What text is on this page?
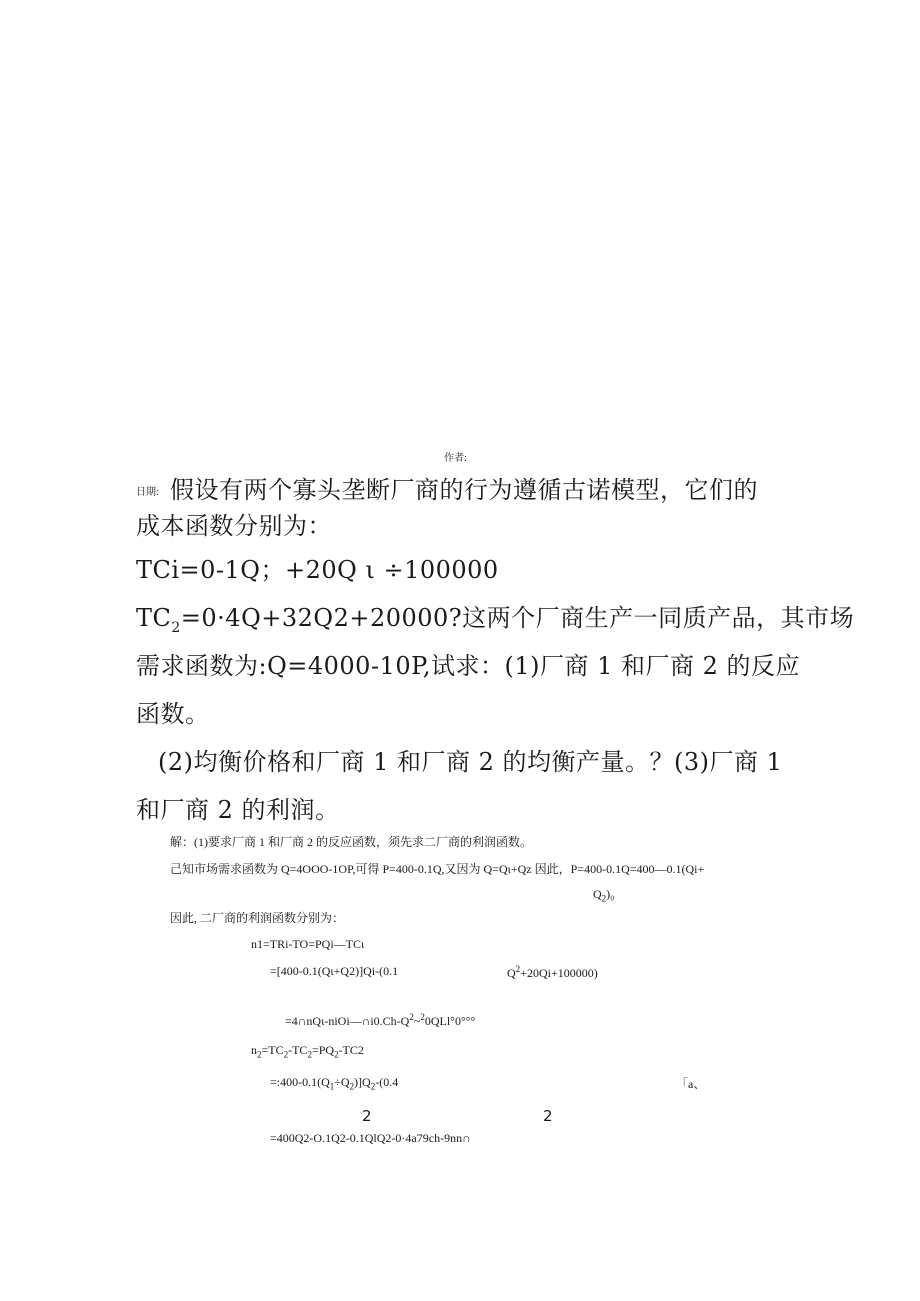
作者:
日期: 假设有两个寡头垄断厂商的行为遵循古诺模型，它们的
成本函数分别为：
TCi=0-1Q；+20Q ι ÷100000
$TC_2=0\cdot 4Q+32Q2+20000$?这两个厂商生产一同质产品，其市场
需求函数为:Q=4000-10P,试求：(1)厂商 1 和厂商 2 的反应
函数。
(2)均衡价格和厂商 1 和厂商 2 的均衡产量。？(3)厂商 1
和厂商 2 的利润。
解：(1)要求厂商 1 和厂商 2 的反应函数，须先求二厂商的利润函数。
己知市场需求函数为 Q=4OOO-1OP,可得 P=400-0.1Q,又因为 Q=Qι+Qz 因此，P=400-0.1Q=400—0.1(Qi+
$Q_2)_0$
因此, 二厂商的利润函数分别为：
n1=TRi-TO=PQi—TCι
=[400-0.1(Qι+Q2)]Qi-(0.1	$Q^2+20Qi+100000$)
$=4\cap nQ\iota-niOi—\cap i0.Ch-Q^2\sim^20QLl^\circ 0^\circ^\circ^\circ$
$n_2=TC_2-TC_2=PQ_2-TC2$
$=:400-0.1(Q_1\div Q_2)]Q_2-(0.4$	「a、
2	2
=400Q2-O.1Q2-0.1QlQ2-0·4a79ch-9nn∩
